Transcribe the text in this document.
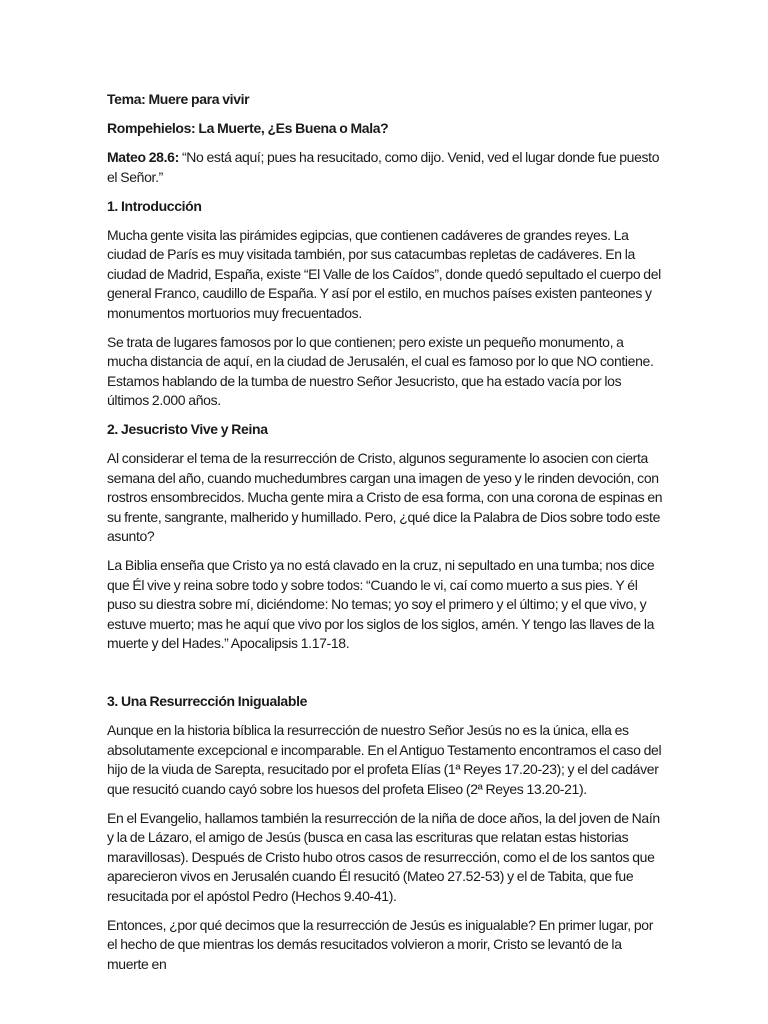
Tema: Muere para vivir

Rompehielos: La Muerte, ¿Es Buena o Mala?

Mateo 28.6: “No está aquí; pues ha resucitado, como dijo. Venid, ved el lugar donde fue puesto el Señor.”

1. Introducción

Mucha gente visita las pirámides egipcias, que contienen cadáveres de grandes reyes. La ciudad de París es muy visitada también, por sus catacumbas repletas de cadáveres. En la ciudad de Madrid, España, existe “El Valle de los Caídos”, donde quedó sepultado el cuerpo del general Franco, caudillo de España. Y así por el estilo, en muchos países existen panteones y monumentos mortuorios muy frecuentados.

Se trata de lugares famosos por lo que contienen; pero existe un pequeño monumento, a mucha distancia de aquí, en la ciudad de Jerusalén, el cual es famoso por lo que NO contiene. Estamos hablando de la tumba de nuestro Señor Jesucristo, que ha estado vacía por los últimos 2.000 años.

2. Jesucristo Vive y Reina

Al considerar el tema de la resurrección de Cristo, algunos seguramente lo asocien con cierta semana del año, cuando muchedumbres cargan una imagen de yeso y le rinden devoción, con rostros ensombrecidos. Mucha gente mira a Cristo de esa forma, con una corona de espinas en su frente, sangrante, malherido y humillado. Pero, ¿qué dice la Palabra de Dios sobre todo este asunto?

La Biblia enseña que Cristo ya no está clavado en la cruz, ni sepultado en una tumba; nos dice que Él vive y reina sobre todo y sobre todos: “Cuando le vi, caí como muerto a sus pies. Y él puso su diestra sobre mí, diciéndome: No temas; yo soy el primero y el último; y el que vivo, y estuve muerto; mas he aquí que vivo por los siglos de los siglos, amén. Y tengo las llaves de la muerte y del Hades.” Apocalipsis 1.17-18.

3. Una Resurrección Inigualable

Aunque en la historia bíblica la resurrección de nuestro Señor Jesús no es la única, ella es absolutamente excepcional e incomparable. En el Antiguo Testamento encontramos el caso del hijo de la viuda de Sarepta, resucitado por el profeta Elías (1ª Reyes 17.20-23); y el del cadáver que resucitó cuando cayó sobre los huesos del profeta Eliseo (2ª Reyes 13.20-21).

En el Evangelio, hallamos también la resurrección de la niña de doce años, la del joven de Naín y la de Lázaro, el amigo de Jesús (busca en casa las escrituras que relatan estas historias maravillosas). Después de Cristo hubo otros casos de resurrección, como el de los santos que aparecieron vivos en Jerusalén cuando Él resucitó (Mateo 27.52-53) y el de Tabita, que fue resucitada por el apóstol Pedro (Hechos 9.40-41).

Entonces, ¿por qué decimos que la resurrección de Jesús es inigualable? En primer lugar, por el hecho de que mientras los demás resucitados volvieron a morir, Cristo se levantó de la muerte en
